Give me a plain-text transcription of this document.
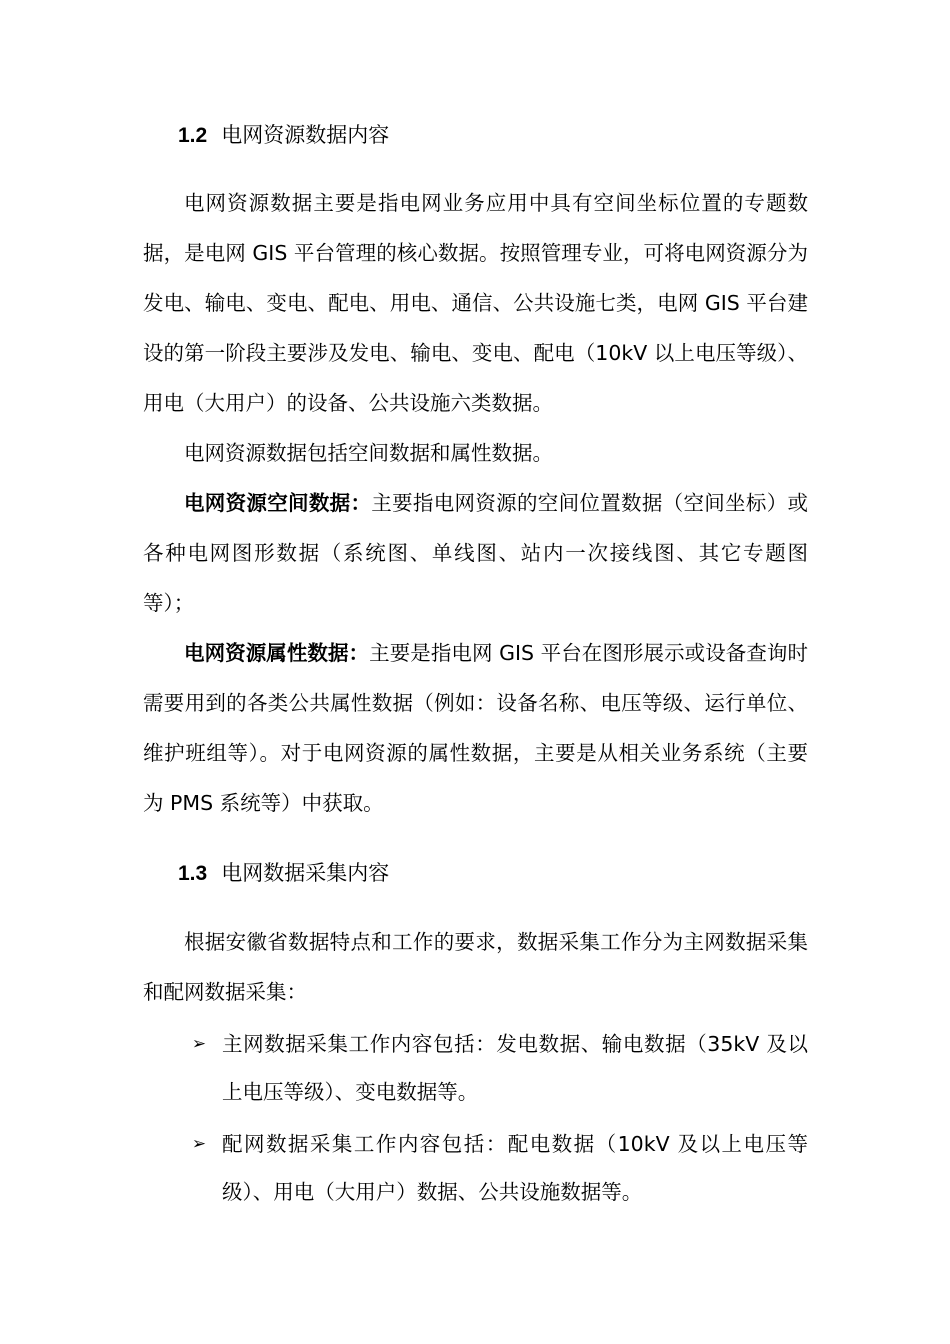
1.2 电网资源数据内容

电网资源数据主要是指电网业务应用中具有空间坐标位置的专题数据，是电网 GIS 平台管理的核心数据。按照管理专业，可将电网资源分为发电、输电、变电、配电、用电、通信、公共设施七类，电网 GIS 平台建设的第一阶段主要涉及发电、输电、变电、配电（10kV 以上电压等级）、用电（大用户）的设备、公共设施六类数据。

电网资源数据包括空间数据和属性数据。

电网资源空间数据：主要指电网资源的空间位置数据（空间坐标）或各种电网图形数据（系统图、单线图、站内一次接线图、其它专题图等）；

电网资源属性数据：主要是指电网 GIS 平台在图形展示或设备查询时需要用到的各类公共属性数据（例如：设备名称、电压等级、运行单位、维护班组等）。对于电网资源的属性数据，主要是从相关业务系统（主要为 PMS 系统等）中获取。

1.3 电网数据采集内容

根据安徽省数据特点和工作的要求，数据采集工作分为主网数据采集和配网数据采集：

➢ 主网数据采集工作内容包括：发电数据、输电数据（35kV 及以上电压等级）、变电数据等。
➢ 配网数据采集工作内容包括：配电数据（10kV 及以上电压等级）、用电（大用户）数据、公共设施数据等。
